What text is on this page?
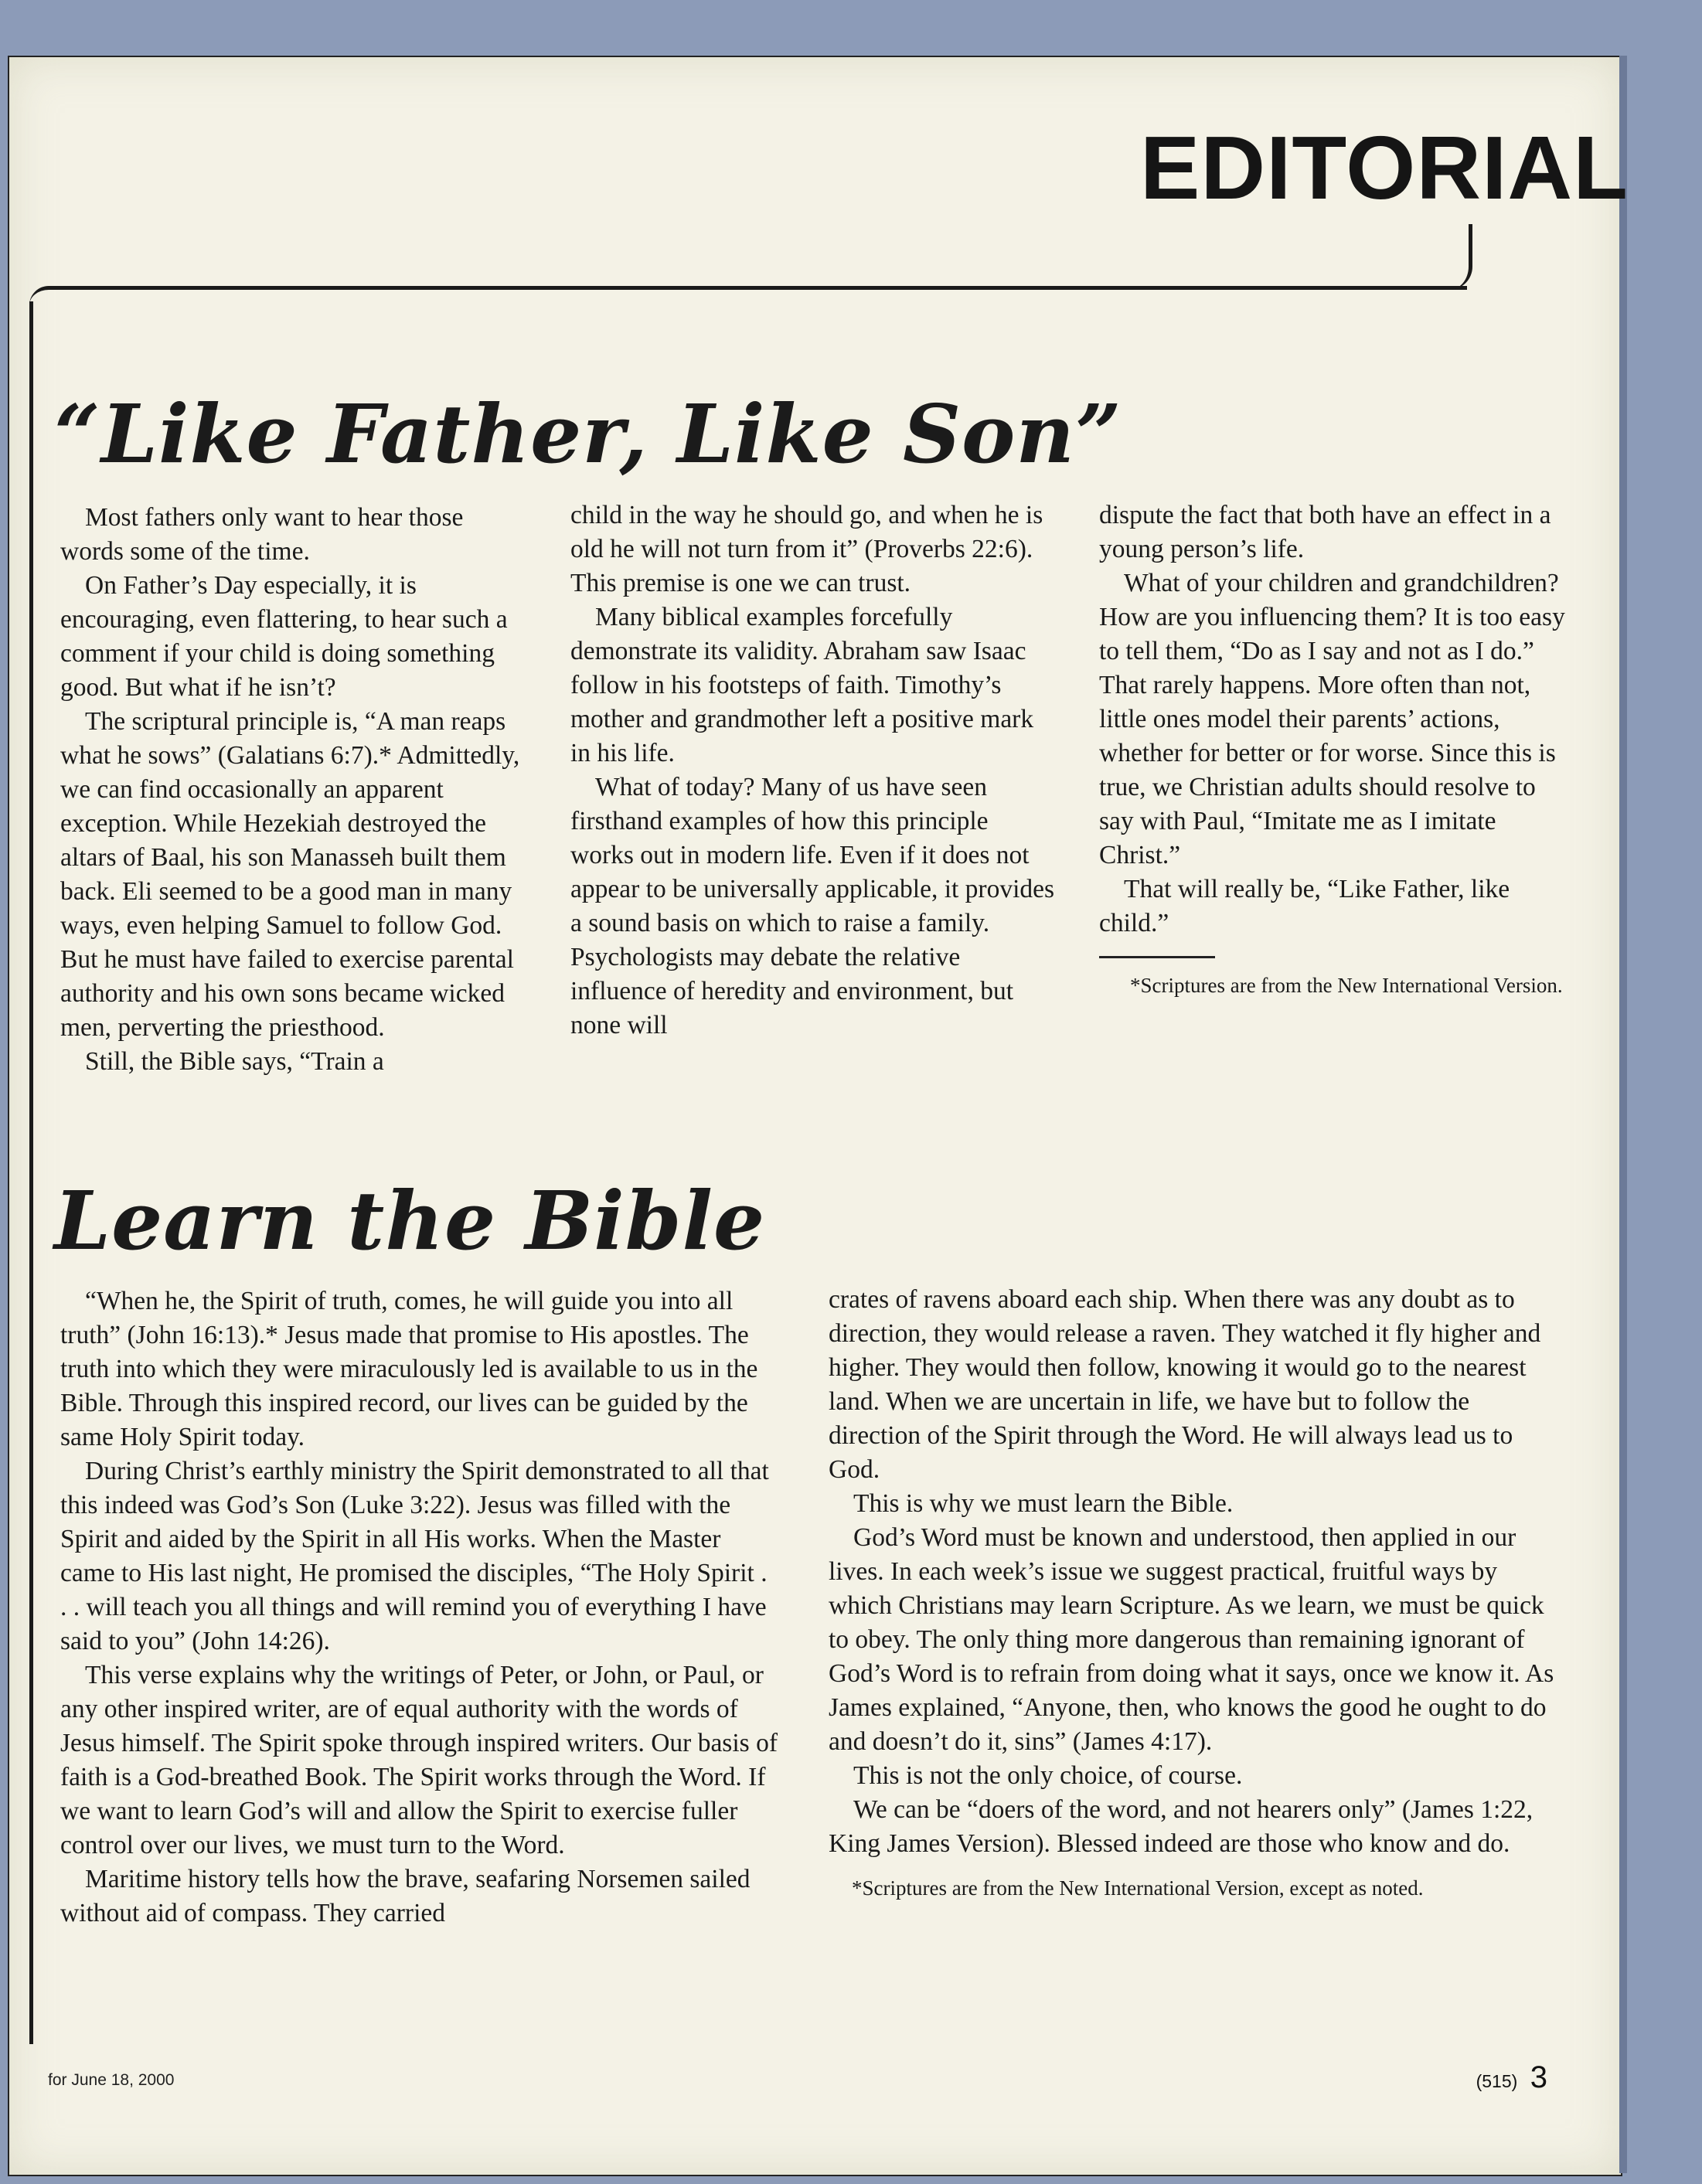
EDITORIAL
“Like Father, Like Son”

Most fathers only want to hear those words some of the time.

On Father’s Day especially, it is encouraging, even flattering, to hear such a comment if your child is doing something good. But what if he isn’t?

The scriptural principle is, “A man reaps what he sows” (Galatians 6:7).* Admittedly, we can find occasionally an apparent exception. While Hezekiah destroyed the altars of Baal, his son Manasseh built them back. Eli seemed to be a good man in many ways, even helping Samuel to follow God. But he must have failed to exercise parental authority and his own sons became wicked men, perverting the priesthood.

Still, the Bible says, “Train a

child in the way he should go, and when he is old he will not turn from it” (Proverbs 22:6). This premise is one we can trust.

Many biblical examples forcefully demonstrate its validity. Abraham saw Isaac follow in his footsteps of faith. Timothy’s mother and grandmother left a positive mark in his life.

What of today? Many of us have seen firsthand examples of how this principle works out in modern life. Even if it does not appear to be universally applicable, it provides a sound basis on which to raise a family. Psychologists may debate the relative influence of heredity and environment, but none will

dispute the fact that both have an effect in a young person’s life.

What of your children and grandchildren? How are you influencing them? It is too easy to tell them, “Do as I say and not as I do.” That rarely happens. More often than not, little ones model their parents’ actions, whether for better or for worse. Since this is true, we Christian adults should resolve to say with Paul, “Imitate me as I imitate Christ.”

That will really be, “Like Father, like child.”

*Scriptures are from the New International Version.
Learn the Bible

“When he, the Spirit of truth, comes, he will guide you into all truth” (John 16:13).* Jesus made that promise to His apostles. The truth into which they were miraculously led is available to us in the Bible. Through this inspired record, our lives can be guided by the same Holy Spirit today.

During Christ’s earthly ministry the Spirit demonstrated to all that this indeed was God’s Son (Luke 3:22). Jesus was filled with the Spirit and aided by the Spirit in all His works. When the Master came to His last night, He promised the disciples, “The Holy Spirit . . . will teach you all things and will remind you of everything I have said to you” (John 14:26).

This verse explains why the writings of Peter, or John, or Paul, or any other inspired writer, are of equal authority with the words of Jesus himself. The Spirit spoke through inspired writers. Our basis of faith is a God-breathed Book. The Spirit works through the Word. If we want to learn God’s will and allow the Spirit to exercise fuller control over our lives, we must turn to the Word.

Maritime history tells how the brave, seafaring Norsemen sailed without aid of compass. They carried

crates of ravens aboard each ship. When there was any doubt as to direction, they would release a raven. They watched it fly higher and higher. They would then follow, knowing it would go to the nearest land. When we are uncertain in life, we have but to follow the direction of the Spirit through the Word. He will always lead us to God.

This is why we must learn the Bible.

God’s Word must be known and understood, then applied in our lives. In each week’s issue we suggest practical, fruitful ways by which Christians may learn Scripture. As we learn, we must be quick to obey. The only thing more dangerous than remaining ignorant of God’s Word is to refrain from doing what it says, once we know it. As James explained, “Anyone, then, who knows the good he ought to do and doesn’t do it, sins” (James 4:17).

This is not the only choice, of course.

We can be “doers of the word, and not hearers only” (James 1:22, King James Version). Blessed indeed are those who know and do.

*Scriptures are from the New International Version, except as noted.
for June 18, 2000	(515) 3
